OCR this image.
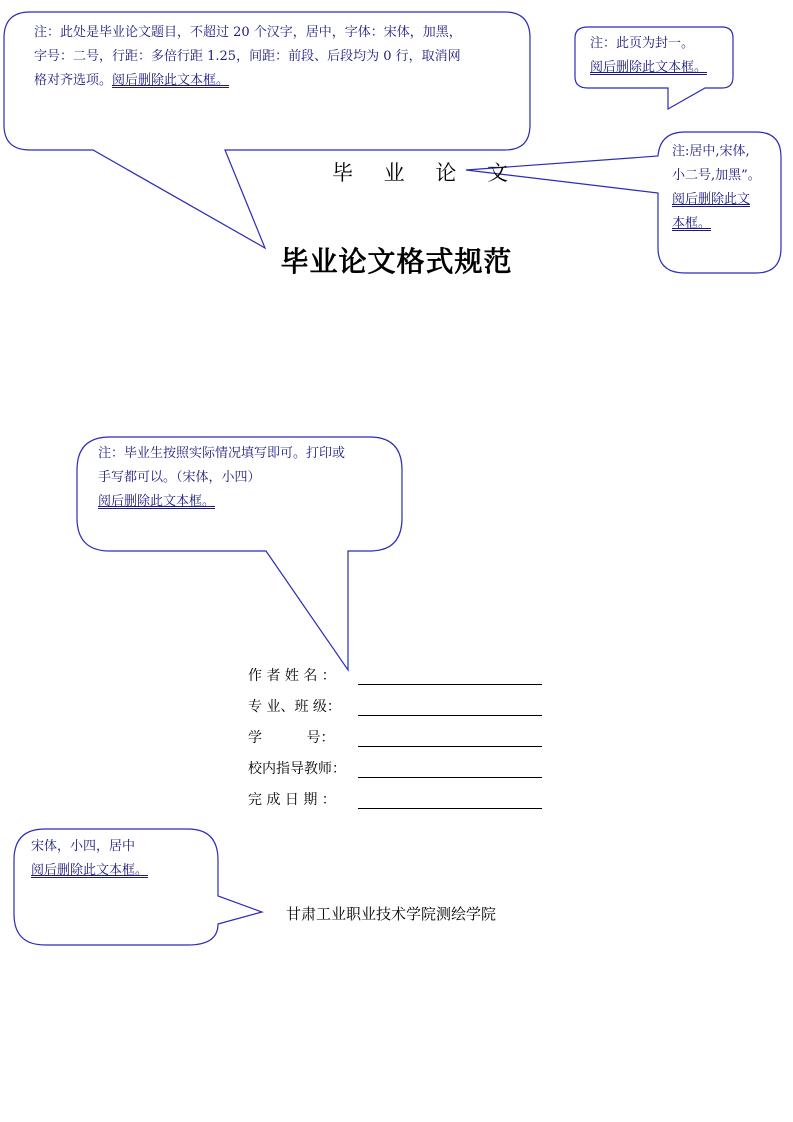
注：此处是毕业论文题目，不超过 20 个汉字，居中，字体：宋体，加黑，
字号：二号，行距：多倍行距 1.25，间距：前段、后段均为 0 行，取消网
格对齐选项。阅后删除此文本框。
注：此页为封一。
阅后删除此文本框。
注:居中,宋体,
小二号,加黑”。
阅后删除此文
本框。
注：毕业生按照实际情况填写即可。打印或
手写都可以。（宋体，小四）
阅后删除此文本框。
宋体，小四，居中
阅后删除此文本框。
毕 业 论 文
毕业论文格式规范
作 者 姓 名 ：
专 业、班 级：
学          号：
校内指导教师：
完 成 日 期 ：
甘肃工业职业技术学院测绘学院
